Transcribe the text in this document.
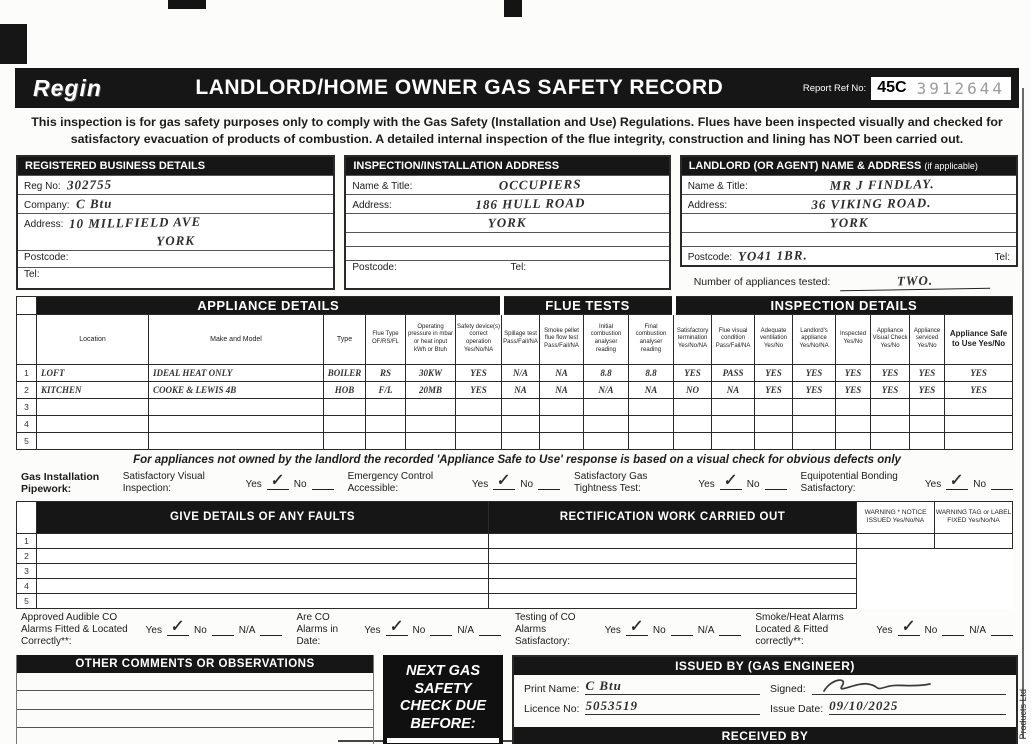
Products Ltd
Regin	LANDLORD/HOME OWNER GAS SAFETY RECORD	Report Ref No: 45C 3912644
This inspection is for gas safety purposes only to comply with the Gas Safety (Installation and Use) Regulations. Flues have been inspected visually and checked for satisfactory evacuation of products of combustion. A detailed internal inspection of the flue integrity, construction and lining has NOT been carried out.
REGISTERED BUSINESS DETAILS
Reg No: 302755
Company: C Btu
Address: 10 MILLFIELD AVE
YORK
Postcode:
Tel:
INSPECTION/INSTALLATION ADDRESS
Name & Title:	OCCUPIERS
Address:	186 HULL ROAD
YORK
Postcode:	Tel:
LANDLORD (OR AGENT) NAME & ADDRESS (if applicable)
Name & Title:	MR J FINDLAY.
Address:	36 VIKING ROAD.
YORK
Postcode: YO41 1BR.	Tel:
Number of appliances tested:	TWO.
	APPLIANCE DETAILS						FLUE TESTS				INSPECTION DETAILS							
	Location	Make and Model	Type	Flue Type OF/RS/FL	Operating pressure in mbar or heat input kWh or Btuh	Safety device(s) correct operation Yes/No/NA	Spillage test Pass/Fail/NA	Smoke pellet flue flow test Pass/Fail/NA	Initial combustion analyser reading	Final combustion analyser reading	Satisfactory termination Yes/No/NA	Flue visual condition Pass/Fail/NA	Adequate ventilation Yes/No	Landlord's appliance Yes/No/NA	Inspected Yes/No	Appliance Visual Check Yes/No	Appliance serviced Yes/No	Appliance Safe to Use Yes/No
1	LOFT	IDEAL HEAT ONLY	BOILER	RS	30KW	YES	N/A	NA	8.8	8.8	YES	PASS	YES	YES	YES	YES	YES	YES
2	KITCHEN	COOKE & LEWIS 4B	HOB	F/L	20MB	YES	NA	NA	N/A	NA	NO	NA	YES	YES	YES	YES	YES	YES
3																		
4																		
5																		
For appliances not owned by the landlord the recorded 'Appliance Safe to Use' response is based on a visual check for obvious defects only
Gas Installation Pipework:
Satisfactory Visual Inspection:	Yes ✓ No
Emergency Control Accessible:	Yes ✓ No
Satisfactory Gas Tightness Test:	Yes ✓ No
Equipotential Bonding Satisfactory:	Yes ✓ No
	GIVE DETAILS OF ANY FAULTS	RECTIFICATION WORK CARRIED OUT	WARNING * NOTICE ISSUED Yes/No/NA	WARNING TAG or LABEL FIXED Yes/No/NA
1				
2				
3				
4				
5				
Approved Audible CO Alarms Fitted & Located Correctly**:
Yes ✓ No	N/A
Are CO Alarms in Date:
Yes ✓ No	N/A
Testing of CO Alarms Satisfactory:
Yes ✓ No	N/A
Smoke/Heat Alarms Located & Fitted correctly**:
Yes ✓ No	N/A
OTHER COMMENTS OR OBSERVATIONS	NEXT GAS SAFETY CHECK DUE BEFORE:
ISSUED BY (GAS ENGINEER)
Print Name: C Btu	Signed:
Licence No: 5053519	Issue Date: 09/10/2025
RECEIVED BY
